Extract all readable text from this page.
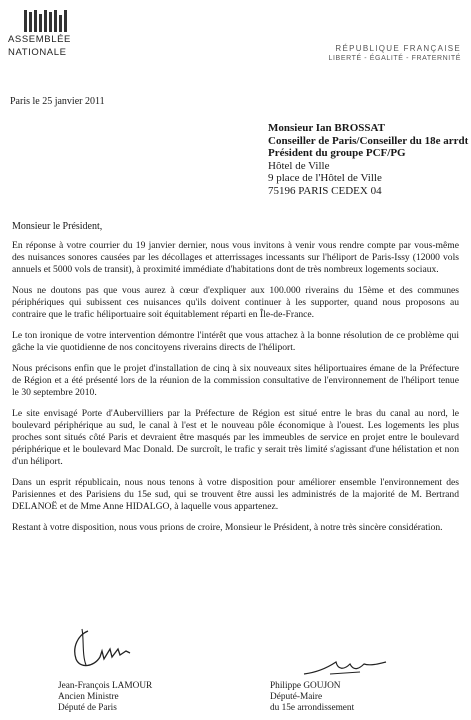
ASSEMBLÉE
NATIONALE	RÉPUBLIQUE FRANÇAISE
LIBERTÉ - ÉGALITÉ - FRATERNITÉ
Paris le 25 janvier 2011
Monsieur Ian BROSSAT
Conseiller de Paris/Conseiller du 18e arrdt
Président du groupe PCF/PG
Hôtel de Ville
9 place de l'Hôtel de Ville
75196 PARIS CEDEX 04
Monsieur le Président,

En réponse à votre courrier du 19 janvier dernier, nous vous invitons à venir vous rendre compte par vous-même des nuisances sonores causées par les décollages et atterrissages incessants sur l'héliport de Paris-Issy (12000 vols annuels et 5000 vols de transit), à proximité immédiate d'habitations dont de très nombreux logements sociaux.

Nous ne doutons pas que vous aurez à cœur d'expliquer aux 100.000 riverains du 15ème et des communes périphériques qui subissent ces nuisances qu'ils doivent continuer à les supporter, quand nous proposons au contraire que le trafic héliportuaire soit équitablement réparti en Île-de-France.

Le ton ironique de votre intervention démontre l'intérêt que vous attachez à la bonne résolution de ce problème qui gâche la vie quotidienne de nos concitoyens riverains directs de l'héliport.

Nous précisons enfin que le projet d'installation de cinq à six nouveaux sites héliportuaires émane de la Préfecture de Région et a été présenté lors de la réunion de la commission consultative de l'environnement de l'héliport tenue le 30 septembre 2010.

Le site envisagé Porte d'Aubervilliers par la Préfecture de Région est situé entre le bras du canal au nord, le boulevard périphérique au sud, le canal à l'est et le nouveau pôle économique à l'ouest. Les logements les plus proches sont situés côté Paris et devraient être masqués par les immeubles de service en projet entre le boulevard périphérique et le boulevard Mac Donald. De surcroît, le trafic y serait très limité s'agissant d'une hélistation et non d'un héliport.

Dans un esprit républicain, nous nous tenons à votre disposition pour améliorer ensemble l'environnement des Parisiennes et des Parisiens du 15e sud, qui se trouvent être aussi les administrés de la majorité de M. Bertrand DELANOË et de Mme Anne HIDALGO, à laquelle vous appartenez.

Restant à votre disposition, nous vous prions de croire, Monsieur le Président, à notre très sincère considération.

Jean-François LAMOUR
Ancien Ministre
Député de Paris
Philippe GOUJON
Député-Maire
du 15e arrondissement
